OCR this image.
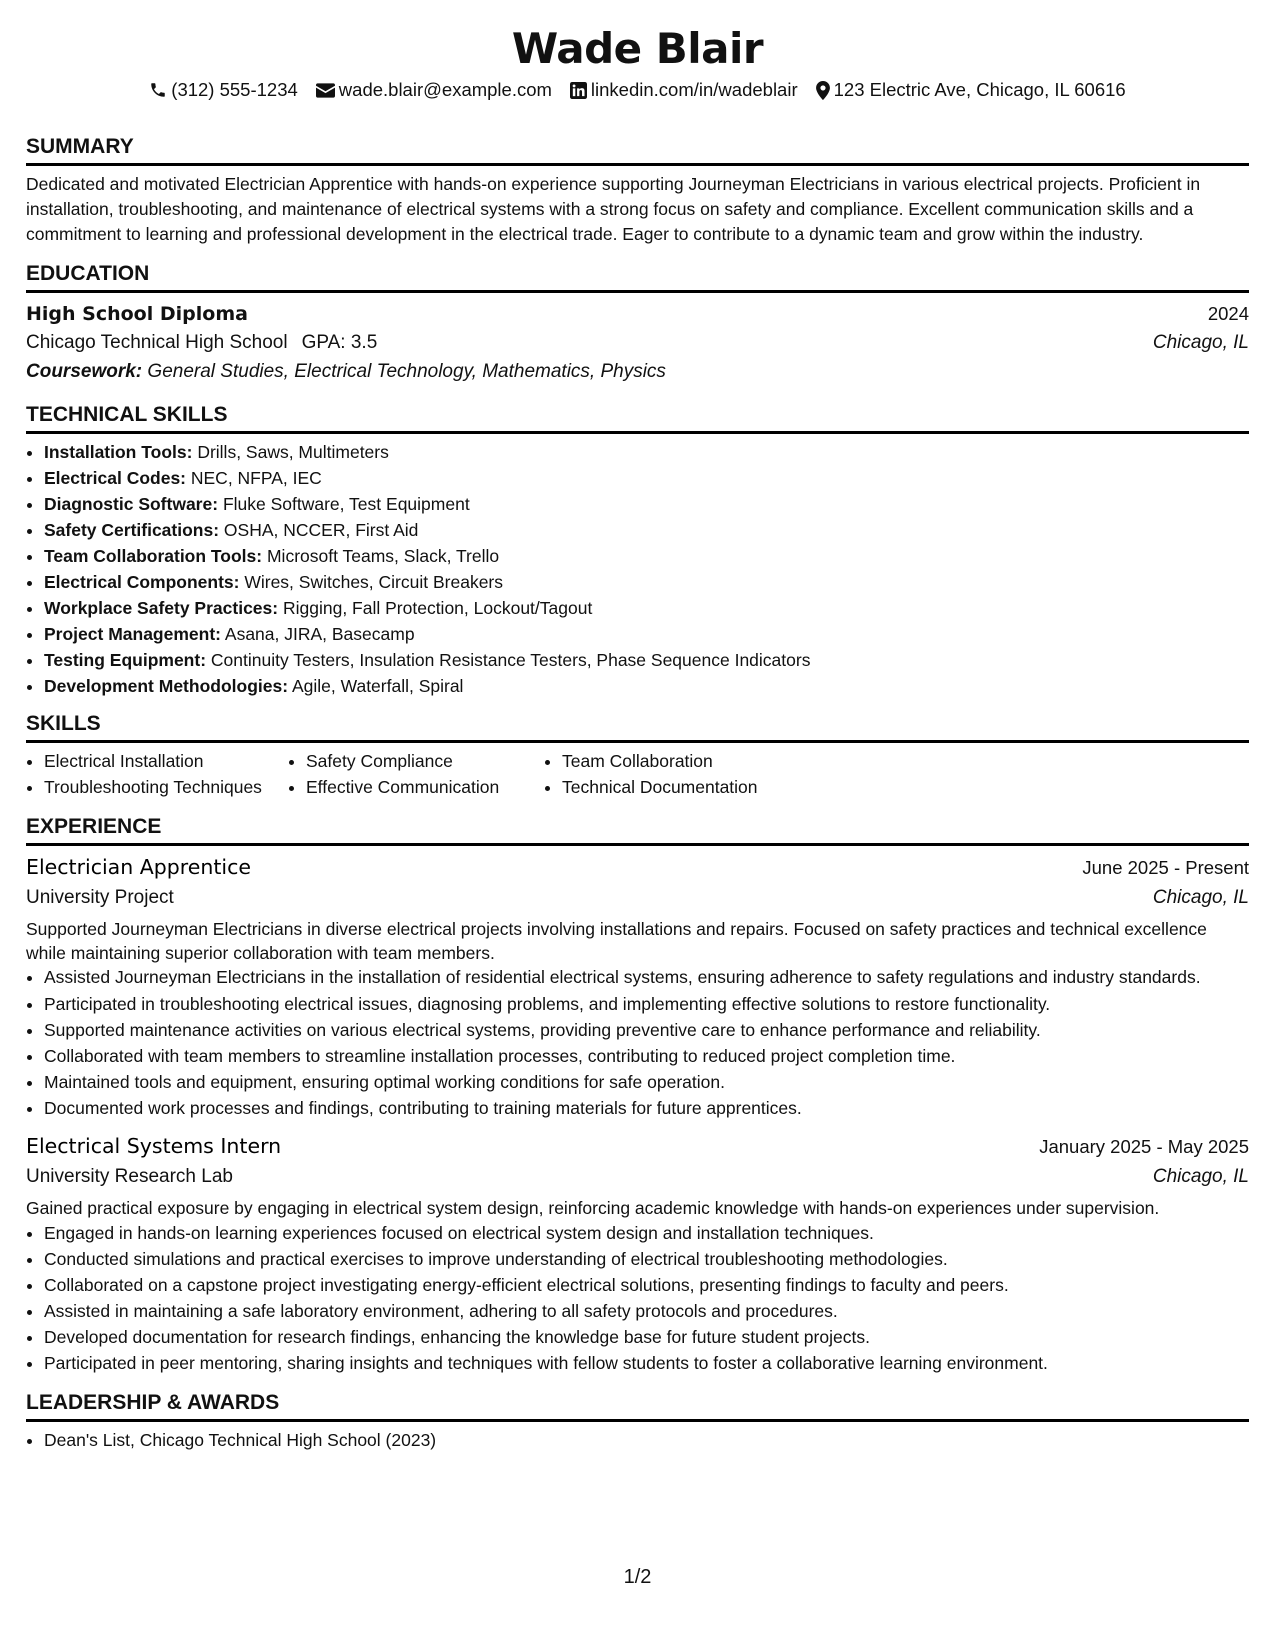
Wade Blair
(312) 555-1234 wade.blair@example.com linkedin.com/in/wadeblair 123 Electric Ave, Chicago, IL 60616
SUMMARY
Dedicated and motivated Electrician Apprentice with hands-on experience supporting Journeyman Electricians in various electrical projects. Proficient in installation, troubleshooting, and maintenance of electrical systems with a strong focus on safety and compliance. Excellent communication skills and a commitment to learning and professional development in the electrical trade. Eager to contribute to a dynamic team and grow within the industry.
EDUCATION
High School Diploma	2024
Chicago Technical High School GPA: 3.5	Chicago, IL
Coursework: General Studies, Electrical Technology, Mathematics, Physics
TECHNICAL SKILLS
• Installation Tools: Drills, Saws, Multimeters
• Electrical Codes: NEC, NFPA, IEC
• Diagnostic Software: Fluke Software, Test Equipment
• Safety Certifications: OSHA, NCCER, First Aid
• Team Collaboration Tools: Microsoft Teams, Slack, Trello
• Electrical Components: Wires, Switches, Circuit Breakers
• Workplace Safety Practices: Rigging, Fall Protection, Lockout/Tagout
• Project Management: Asana, JIRA, Basecamp
• Testing Equipment: Continuity Testers, Insulation Resistance Testers, Phase Sequence Indicators
• Development Methodologies: Agile, Waterfall, Spiral
SKILLS
• Electrical Installation	• Safety Compliance	• Team Collaboration
• Troubleshooting Techniques	• Effective Communication	• Technical Documentation
EXPERIENCE
Electrician Apprentice	June 2025 - Present
University Project	Chicago, IL
Supported Journeyman Electricians in diverse electrical projects involving installations and repairs. Focused on safety practices and technical excellence while maintaining superior collaboration with team members.
• Assisted Journeyman Electricians in the installation of residential electrical systems, ensuring adherence to safety regulations and industry standards.
• Participated in troubleshooting electrical issues, diagnosing problems, and implementing effective solutions to restore functionality.
• Supported maintenance activities on various electrical systems, providing preventive care to enhance performance and reliability.
• Collaborated with team members to streamline installation processes, contributing to reduced project completion time.
• Maintained tools and equipment, ensuring optimal working conditions for safe operation.
• Documented work processes and findings, contributing to training materials for future apprentices.
Electrical Systems Intern	January 2025 - May 2025
University Research Lab	Chicago, IL
Gained practical exposure by engaging in electrical system design, reinforcing academic knowledge with hands-on experiences under supervision.
• Engaged in hands-on learning experiences focused on electrical system design and installation techniques.
• Conducted simulations and practical exercises to improve understanding of electrical troubleshooting methodologies.
• Collaborated on a capstone project investigating energy-efficient electrical solutions, presenting findings to faculty and peers.
• Assisted in maintaining a safe laboratory environment, adhering to all safety protocols and procedures.
• Developed documentation for research findings, enhancing the knowledge base for future student projects.
• Participated in peer mentoring, sharing insights and techniques with fellow students to foster a collaborative learning environment.
LEADERSHIP & AWARDS
• Dean's List, Chicago Technical High School (2023)
1/2
